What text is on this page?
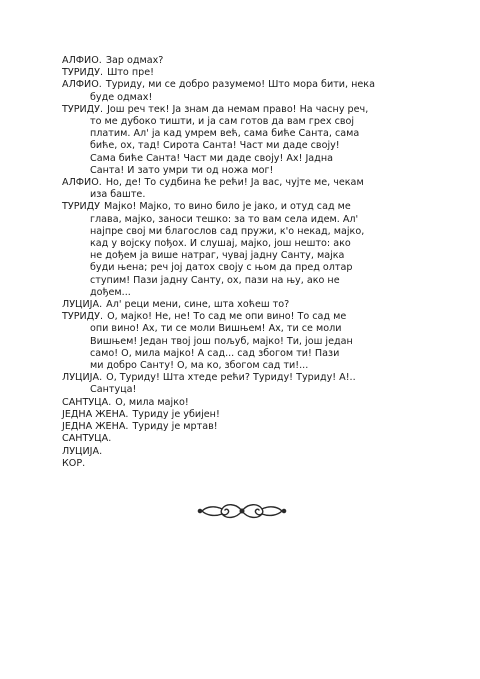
АЛФИО. Зар одмах?
ТУРИДУ. Што пре!
АЛФИО. Туриду, ми се добро разумемо! Што мора бити, нека
буде одмах!
ТУРИДУ. Још реч тек! Ја знам да немам право! На часну реч,
то ме дубоко тишти, и ја сам готов да вам грех свој
платим. Ал' ја кад умрем већ, сама биће Санта, сама
биће, ох, тад! Сирота Санта! Част ми даде своју!
Сама биће Санта! Част ми даде своју! Ах! Јадна
Санта! И зато умри ти од ножа мог!
АЛФИО. Но, де! То судбина ће рећи! Ја вас, чујте ме, чекам
иза баште.
ТУРИДУ Мајко! Мајко, то вино било је јако, и отуд сад ме
глава, мајко, заноси тешко: за то вам села идем. Ал'
најпре свој ми благослов сад пружи, к'о некад, мајко,
кад у војску пођох. И слушај, мајко, још нешто: ако
не дођем ја више натраг, чувај јадну Санту, мајка
буди њена; реч јој датох своју с њом да пред олтар
ступим! Пази јадну Санту, ох, пази на њу, ако не
дођем...
ЛУЦИЈА. Ал' реци мени, сине, шта хоћеш то?
ТУРИДУ. О, мајко! Не, не! То сад ме опи вино! То сад ме
опи вино! Ах, ти се моли Вишњем! Ах, ти се моли
Вишњем! Један твој још пољуб, мајко! Ти, још један
само! О, мила мајко! А сад... сад збогом ти! Пази
ми добро Санту! О, ма ко, збогом сад ти!...
ЛУЦИЈА. О, Туриду! Шта хтеде рећи? Туриду! Туриду! А!..
Сантуца!
САНТУЦА. О, мила мајко!
ЈЕДНА ЖЕНА. Туриду је убијен!
ЈЕДНА ЖЕНА. Туриду је мртав!
САНТУЦА.
ЛУЦИЈА.
КОР.
